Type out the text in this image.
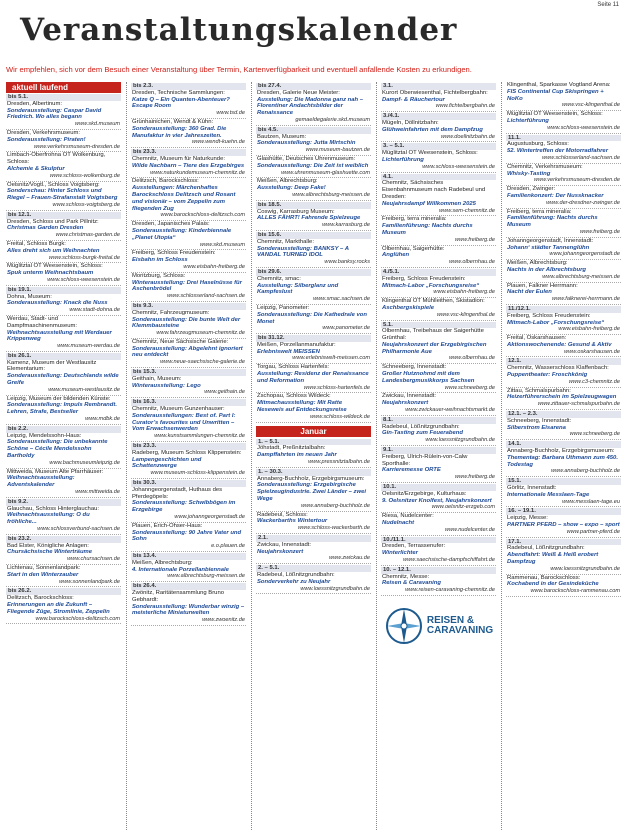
Seite 11
Veranstaltungskalender
Wir empfehlen, sich vor dem Besuch einer Veranstaltung über Termin, Kartenverfügbarkeit und eventuell anfallende Kosten zu erkundigen.
aktuell laufend
bis 5.1.
Dresden, Albertinum:
Sonderausstellung: Caspar David Friedrich. Wo alles begann
www.skd.museum
Dresden, Verkehrsmuseum:
Sonderausstellung: Piraten!
www.verkehrsmuseum-dresden.de
Limbach-Oberfrohna OT Wolkenburg, Schloss:
Alchemie & Skulptur
www.schloss-wolkenburg.de
Oelsnitz/Vogtl., Schloss Voigtsberg:
Sonderschau: Hinter Schloss und Riegel – Frauen-Strafanstalt Voigtsberg
www.schloss-voigtsberg.de
bis 12.1.
Dresden, Schloss und Park Pillnitz:
Christmas Garden Dresden
www.christmas-garden.de
Freital, Schloss Burgk:
Alles dreht sich um Weihnachten
www.schloss-burgk-freital.de
Müglitztal OT Weesenstein, Schloss:
Spuk unterm Weihnachtsbaum
www.schloss-weesenstein.de
bis 19.1.
Dohna, Museum:
Sonderausstellung: Knack die Nuss
www.stadt-dohna.de
Werdau, Stadt- und Dampfmaschinenmuseum:
Weihnachtsausstellung mit Werdauer Krippenweg
www.museum-werdau.de
bis 26.1.
Kamenz, Museum der Westlausitz Elementarium:
Sonderausstellung: Deutschlands wilde Greife
www.museum-westlausitz.de
Leipzig, Museum der bildenden Künste:
Sonderausstellung: Impuls Rembrandt. Lehren, Strafe, Bestseller
www.mdbk.de
bis 2.2.
Leipzig, Mendelssohn-Haus:
Sonderausstellung: Die unbekannte Schöne – Cécile Mendelssohn Bartholdy
www.bachmuseumleipzig.de
Mittweida, Museum Alte Pfarrhäuser:
Weihnachtsausstellung: Adventskalender
www.mittweida.de
bis 9.2.
Glauchau, Schloss Hinterglauchau:
Weihnachtsausstellung: O du fröhliche...
www.schlossverbund-sachsen.de
bis 23.2.
Bad Elster, Königliche Anlagen:
Chursächsische Winterträume
www.chursachsen.de
Lichtenau, Sonnenlandpark:
Start in den Winterzauber
www.sonnenlandpark.de
bis 26.2.
Delitzsch, Barockschloss:
Erinnerungen an die Zukunft – Fliegende Züge, Stromlinie, Zeppelin
www.barockschloss-delitzsch.com
bis 2.3.
Dresden, Technische Sammlungen:
Katze Q – Ein Quanten-Abenteuer? Escape Room
www.tsd.de
Grünhainichen, Wendt & Kühn:
Sonderausstellung: 360 Grad. Die Manufaktur in vier Jahreszeiten.
www.wendt-kuehn.de
bis 23.3.
Chemnitz, Museum für Naturkunde:
Wilde Nachbarn – Tiere des Erzgebirges
www.naturkundemuseum-chemnitz.de
Delitzsch, Barockschloss:
Ausstellungen: Märchenhaftes Barockschloss Delitzsch und Rosant und visionär – vom Zeppelin zum fliegenden Zug
www.barockschloss-delitzsch.com
Dresden, Japanisches Palais:
Sonderausstellung: Kinderbiennale „Planet Utopia“
www.skd.museum
Freiberg, Schloss Freudenstein:
Eisbahn im Schloss
www.eisbahn-freiberg.de
Moritzburg, Schloss:
Winterausstellung: Drei Haselnüsse für Aschenbrödel
www.schlosserland-sachsen.de
bis 9.3.
Chemnitz, Fahrzeugmuseum:
Sonderausstellung: Die bunte Welt der Klemmbausteine
www.fahrzeugmuseum-chemnitz.de
Chemnitz, Neue Sächsische Galerie:
Sonderausstellung: Abgelehnt ignoriert neu entdeckt
www.neue-saechsische-galerie.de
bis 15.3.
Geithain, Museum:
Winterausstellung: Lego
www.geithain.de
bis 16.3.
Chemnitz, Museum Gunzenhauser:
Sonderausstellungen: Best of. Part I: Curator’s favourites und Unwritten – Vom Erwachsenwerden
www.kunstsammlungen-chemnitz.de
bis 23.3.
Radeberg, Museum Schloss Klippenstein:
Lampengeschichten und Schattenzwerge
www.museum-schloss-klippenstein.de
bis 30.3.
Johanngeorgenstadt, Huthaus des Pferdegöpels:
Sonderausstellung: Schwibbögen im Erzgebirge
www.johanngeorgenstadt.de
Plauen, Erich-Ohser-Haus:
Sonderausstellung: 90 Jahre Vater und Sohn
e.o.plauen.de
bis 13.4.
Meißen, Albrechtsburg:
4. Internationale Porzellanbiennale
www.albrechtsburg-meissen.de
bis 26.4.
Zwönitz, Raritätensammlung Bruno Gebhardt:
Sonderausstellung: Wunderbar winzig – meisterliche Miniaturwelten
www.zwoenitz.de
bis 27.4.
Dresden, Galerie Neue Meister:
Ausstellung: Die Madonna ganz nah – Florentiner Andachtsbilder der Renaissance
gemaeldegalerie.skd.museum
bis 4.5.
Bautzen, Museum:
Sonderausstellung: Jutta Mirtschin
www.museum-bautzen.de
Glashütte, Deutsches Uhrenmuseum:
Sonderausstellung: Die Zeit ist weiblich
www.uhrenmuseum-glashuette.com
Meißen, Albrechtsburg:
Ausstellung: Deep Fake!
www.albrechtsburg-meissen.de
bis 18.5.
Coswig, Karrasburg Museum:
ALLES FÄHRT! Fahrende Spielzeuge
www.karrasburg.de
bis 15.6.
Chemnitz, Markthalle:
Sonderausstellung: BANKSY – A VANDAL TURNED IDOL
www.banksy.rocks
bis 29.6.
Chemnitz, smac:
Ausstellung: Silberglanz und Kampfeslust
www.smac.sachsen.de
Leipzig, Panometer:
Sonderausstellung: Die Kathedrale von Monet
www.panometer.de
bis 31.12.
Meißen, Porzellanmanufaktur:
Erlebniswelt MEISSEN
www.erlebniswelt-meissen.com
Torgau, Schloss Hartenfels:
Ausstellung: Residenz der Renaissance und Reformation
www.schloss-hartenfels.de
Zschopau, Schloss Wildeck:
Mitmachausstellung: Mit Ratte Neseweis auf Entdeckungsreise
www.schloss-wildeck.de
Januar
1. – 5.1.
Jöhstadt, Preßnitztalbahn:
Dampffahrten im neuen Jahr
www.pressnitztalbahn.de
1. – 30.3.
Annaberg-Buchholz, Erzgebirgsmuseum:
Sonderausstellung: Erzgebirgische Spielzeugindustrie. Zwei Länder – zwei Wege
www.annaberg-buchholz.de
Radebeul, Schloss:
Wackerbarths Wintertour
www.schloss-wackerbarth.de
2.1.
Zwickau, Innenstadt:
Neujahrskonzert
www.zwickau.de
2. – 5.1.
Radebeul, Lößnitzgrundbahn:
Sonderverkehr zu Neujahr
www.loessnitzgrundbahn.de
3.1.
Kurort Oberwiesenthal, Fichtelbergbahn:
Dampf- & Räuchertour
www.fichtelbergbahn.de
3./4.1.
Mügeln, Döllnitzbahn:
Glühweinfahrten mit dem Dampfzug
www.doellnitzbahn.de
3. – 5.1.
Müglitztal OT Weesenstein, Schloss:
Lichterführung
www.schloss-weesenstein.de
4.1.
Chemnitz, Sächsisches Eisenbahnmuseum nach Radebeul und Dresden:
Neujahrsdampf Willkommen 2025
www.sem-chemnitz.de
Freiberg, terra mineralia:
Familienführung: Nachts durchs Museum
www.freiberg.de
Olbernhau, Saigerhütte:
Anglühen
www.olbernhau.de
4./5.1.
Freiberg, Schloss Freudenstein:
Mitmach-Labor „Forschungsreise“
www.eisbahn-freiberg.de
Klingenthal OT Mühlleithen, Skistadion:
Aschbergskispiele
www.vsc-klingenthal.de
5.1.
Olbernhau, Treibehaus der Saigerhütte Grünthal:
Neujahrskonzert der Erzgebirgischen Philharmonie Aue
www.olbernhau.de
Schneeberg, Innenstadt:
Großer Hutznohmd mit dem Landesbergmusikkorps Sachsen
www.schneeberg.de
Zwickau, Innenstadt:
Neujahrskonzert
www.zwickauer-weihnachtsmarkt.de
8.1.
Radebeul, Lößnitzgrundbahn:
Gin-Tasting zum Feuerabend
www.loessnitzgrundbahn.de
9.1.
Freiberg, Ulrich-Rülein-von-Calw Sporthalle:
Karrieremesse ORTE
www.freiberg.de
10.1.
Oelsnitz/Erzgebirge, Kulturhaus:
9. Oelsnitzer Knolfest, Neujahrskonzert
www.oelsnitz-erzgeb.com
Riesa, Nudelcenter:
Nudelnacht
www.nudelcenter.de
10./11.1.
Dresden, Terrassenufer:
Winterlichter
www.saechsische-dampfschiffahrt.de
10. – 12.1.
Chemnitz, Messe:
Reisen & Caravaning
www.reisen-caravaning-chemnitz.de
REISEN &
CARAVANING
Klingenthal, Sparkasse Vogtland Arena:
FIS Continental Cup Skispringen + NoKo
www.vsc-klingenthal.de
Müglitztal OT Weesenstein, Schloss:
Lichterführung
www.schloss-weesenstein.de
11.1.
Augustusburg, Schloss:
52. Wintertreffen der Motorradfahrer
www.schlosserland-sachsen.de
Chemnitz, Verkehrsmuseum:
Whisky-Tasting
www.verkehrsmuseum-dresden.de
Dresden, Zwinger:
Familienkonzert: Der Nussknacker
www.der-dresdner-zwinger.de
Freiberg, terra mineralia:
Familienführung: Nachts durchs Museum
www.freiberg.de
Johanngeorgenstadt, Innenstadt:
Johann‘ städter Tannenglühn
www.johanngeorgenstadt.de
Meißen, Albrechtsburg:
Nachts in der Albrechtsburg
www.albrechtsburg-meissen.de
Plauen, Falkner Herrmann:
Nacht der Eulen
www.falknerei-herrmann.de
11./12.1.
Freiberg, Schloss Freudenstein:
Mitmach-Labor „Forschungsreise“
www.eisbahn-freiberg.de
Freital, Oskarshausen:
Aktionswochenende: Gesund & Aktiv
www.oskarshausen.de
12.1.
Chemnitz, Wasserschloss Klaffenbach:
Puppentheater: Froschkönig
www.c3-chemnitz.de
Zittau, Schmalspurbahn:
Heizerführerschein im Spielzeugwagen
www.zittauer-schmalspurbahn.de
12.1. – 2.3.
Schneeberg, Innenstadt:
Silberstrom Eisarena
www.schneeberg.de
14.1.
Annaberg-Buchholz, Erzgebirgsmuseum:
Thementag: Barbara Uthmann zum 450. Todestag
www.annaberg-buchholz.de
15.1.
Görlitz, Innenstadt:
Internationale Messlaen-Tage
www.messlaen-tage.eu
16. – 19.1.
Leipzig, Messe:
PARTNER PFERD – show – expo – sport
www.partner-pferd.de
17.1.
Radebeul, Lößnitzgrundbahn:
Abendfahrt: Weiß & Heiß erobert Dampfzug
www.loessnitzgrundbahn.de
Rammenau, Barockschloss:
Kochabend in der Gesindeküche
www.barockschloss-rammenau.com
